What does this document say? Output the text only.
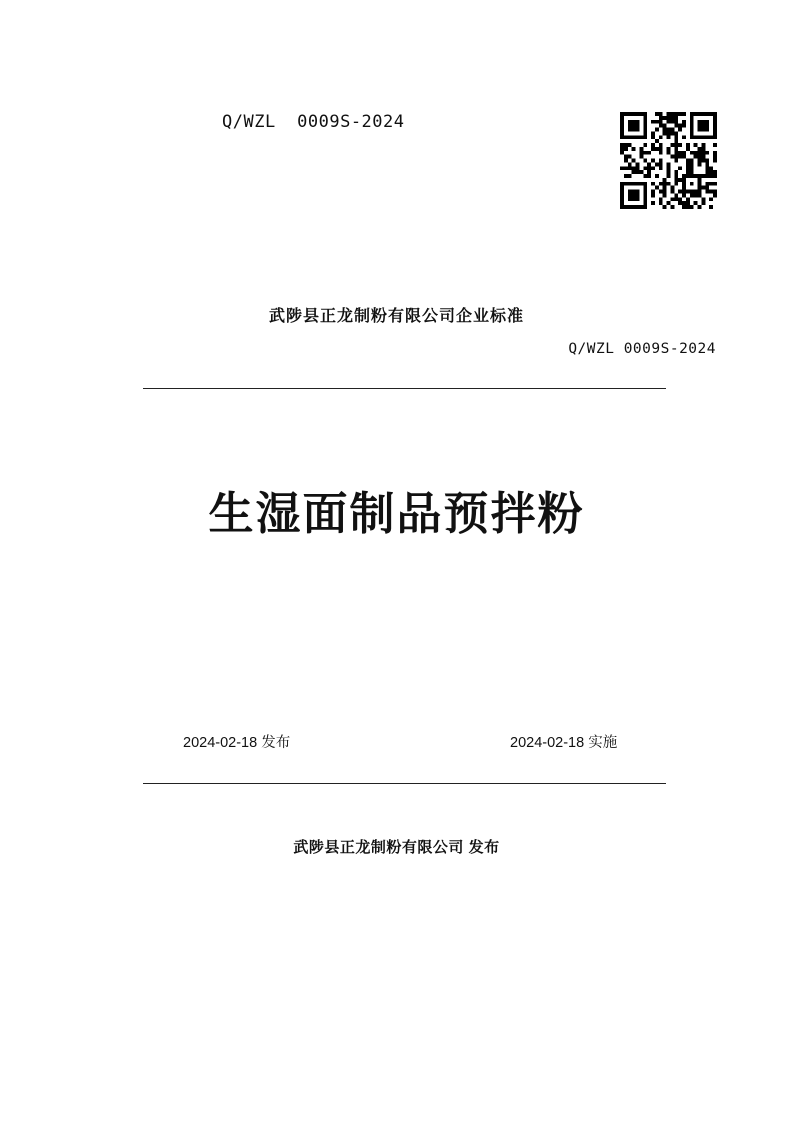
Q/WZL  0009S-2024
武陟县正龙制粉有限公司企业标准
Q/WZL 0009S-2024
生湿面制品预拌粉
2024-02-18 发布	2024-02-18 实施
武陟县正龙制粉有限公司 发布
